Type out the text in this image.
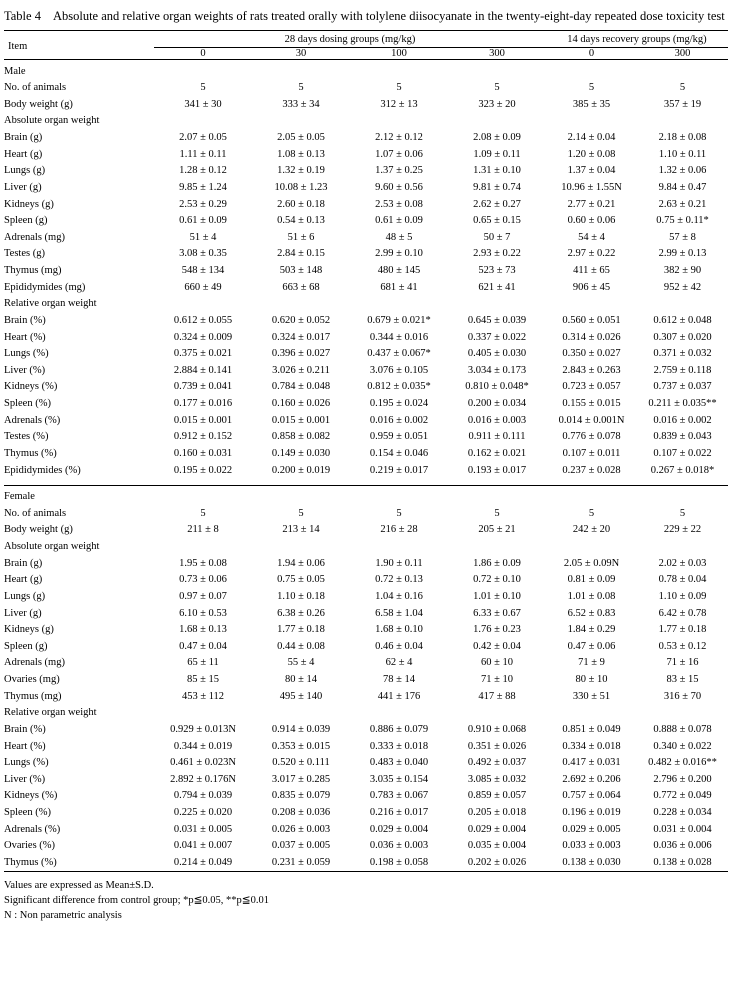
Table 4 Absolute and relative organ weights of rats treated orally with tolylene diisocyanate in the twenty-eight-day repeated dose toxicity test

Item	28 days dosing groups (mg/kg)				14 days recovery groups (mg/kg)	
	0	30	100	300	0	300

Male						
No. of animals	5	5	5	5	5	5
Body weight (g)	341 ± 30	333 ± 34	312 ± 13	323 ± 20	385 ± 35	357 ± 19
Absolute organ weight						
Brain (g)	2.07 ± 0.05	2.05 ± 0.05	2.12 ± 0.12	2.08 ± 0.09	2.14 ± 0.04	2.18 ± 0.08
Heart (g)	1.11 ± 0.11	1.08 ± 0.13	1.07 ± 0.06	1.09 ± 0.11	1.20 ± 0.08	1.10 ± 0.11
Lungs (g)	1.28 ± 0.12	1.32 ± 0.19	1.37 ± 0.25	1.31 ± 0.10	1.37 ± 0.04	1.32 ± 0.06
Liver (g)	9.85 ± 1.24	10.08 ± 1.23	9.60 ± 0.56	9.81 ± 0.74	10.96 ± 1.55N	9.84 ± 0.47
Kidneys (g)	2.53 ± 0.29	2.60 ± 0.18	2.53 ± 0.08	2.62 ± 0.27	2.77 ± 0.21	2.63 ± 0.21
Spleen (g)	0.61 ± 0.09	0.54 ± 0.13	0.61 ± 0.09	0.65 ± 0.15	0.60 ± 0.06	0.75 ± 0.11*
Adrenals (mg)	51 ± 4	51 ± 6	48 ± 5	50 ± 7	54 ± 4	57 ± 8
Testes (g)	3.08 ± 0.35	2.84 ± 0.15	2.99 ± 0.10	2.93 ± 0.22	2.97 ± 0.22	2.99 ± 0.13
Thymus (mg)	548 ± 134	503 ± 148	480 ± 145	523 ± 73	411 ± 65	382 ± 90
Epididymides (mg)	660 ± 49	663 ± 68	681 ± 41	621 ± 41	906 ± 45	952 ± 42
Relative organ weight						
Brain (%)	0.612 ± 0.055	0.620 ± 0.052	0.679 ± 0.021*	0.645 ± 0.039	0.560 ± 0.051	0.612 ± 0.048
Heart (%)	0.324 ± 0.009	0.324 ± 0.017	0.344 ± 0.016	0.337 ± 0.022	0.314 ± 0.026	0.307 ± 0.020
Lungs (%)	0.375 ± 0.021	0.396 ± 0.027	0.437 ± 0.067*	0.405 ± 0.030	0.350 ± 0.027	0.371 ± 0.032
Liver (%)	2.884 ± 0.141	3.026 ± 0.211	3.076 ± 0.105	3.034 ± 0.173	2.843 ± 0.263	2.759 ± 0.118
Kidneys (%)	0.739 ± 0.041	0.784 ± 0.048	0.812 ± 0.035*	0.810 ± 0.048*	0.723 ± 0.057	0.737 ± 0.037
Spleen (%)	0.177 ± 0.016	0.160 ± 0.026	0.195 ± 0.024	0.200 ± 0.034	0.155 ± 0.015	0.211 ± 0.035**
Adrenals (%)	0.015 ± 0.001	0.015 ± 0.001	0.016 ± 0.002	0.016 ± 0.003	0.014 ± 0.001N	0.016 ± 0.002
Testes (%)	0.912 ± 0.152	0.858 ± 0.082	0.959 ± 0.051	0.911 ± 0.111	0.776 ± 0.078	0.839 ± 0.043
Thymus (%)	0.160 ± 0.031	0.149 ± 0.030	0.154 ± 0.046	0.162 ± 0.021	0.107 ± 0.011	0.107 ± 0.022
Epididymides (%)	0.195 ± 0.022	0.200 ± 0.019	0.219 ± 0.017	0.193 ± 0.017	0.237 ± 0.028	0.267 ± 0.018*

Female						
No. of animals	5	5	5	5	5	5
Body weight (g)	211 ± 8	213 ± 14	216 ± 28	205 ± 21	242 ± 20	229 ± 22
Absolute organ weight						
Brain (g)	1.95 ± 0.08	1.94 ± 0.06	1.90 ± 0.11	1.86 ± 0.09	2.05 ± 0.09N	2.02 ± 0.03
Heart (g)	0.73 ± 0.06	0.75 ± 0.05	0.72 ± 0.13	0.72 ± 0.10	0.81 ± 0.09	0.78 ± 0.04
Lungs (g)	0.97 ± 0.07	1.10 ± 0.18	1.04 ± 0.16	1.01 ± 0.10	1.01 ± 0.08	1.10 ± 0.09
Liver (g)	6.10 ± 0.53	6.38 ± 0.26	6.58 ± 1.04	6.33 ± 0.67	6.52 ± 0.83	6.42 ± 0.78
Kidneys (g)	1.68 ± 0.13	1.77 ± 0.18	1.68 ± 0.10	1.76 ± 0.23	1.84 ± 0.29	1.77 ± 0.18
Spleen (g)	0.47 ± 0.04	0.44 ± 0.08	0.46 ± 0.04	0.42 ± 0.04	0.47 ± 0.06	0.53 ± 0.12
Adrenals (mg)	65 ± 11	55 ± 4	62 ± 4	60 ± 10	71 ± 9	71 ± 16
Ovaries (mg)	85 ± 15	80 ± 14	78 ± 14	71 ± 10	80 ± 10	83 ± 15
Thymus (mg)	453 ± 112	495 ± 140	441 ± 176	417 ± 88	330 ± 51	316 ± 70
Relative organ weight						
Brain (%)	0.929 ± 0.013N	0.914 ± 0.039	0.886 ± 0.079	0.910 ± 0.068	0.851 ± 0.049	0.888 ± 0.078
Heart (%)	0.344 ± 0.019	0.353 ± 0.015	0.333 ± 0.018	0.351 ± 0.026	0.334 ± 0.018	0.340 ± 0.022
Lungs (%)	0.461 ± 0.023N	0.520 ± 0.111	0.483 ± 0.040	0.492 ± 0.037	0.417 ± 0.031	0.482 ± 0.016**
Liver (%)	2.892 ± 0.176N	3.017 ± 0.285	3.035 ± 0.154	3.085 ± 0.032	2.692 ± 0.206	2.796 ± 0.200
Kidneys (%)	0.794 ± 0.039	0.835 ± 0.079	0.783 ± 0.067	0.859 ± 0.057	0.757 ± 0.064	0.772 ± 0.049
Spleen (%)	0.225 ± 0.020	0.208 ± 0.036	0.216 ± 0.017	0.205 ± 0.018	0.196 ± 0.019	0.228 ± 0.034
Adrenals (%)	0.031 ± 0.005	0.026 ± 0.003	0.029 ± 0.004	0.029 ± 0.004	0.029 ± 0.005	0.031 ± 0.004
Ovaries (%)	0.041 ± 0.007	0.037 ± 0.005	0.036 ± 0.003	0.035 ± 0.004	0.033 ± 0.003	0.036 ± 0.006
Thymus (%)	0.214 ± 0.049	0.231 ± 0.059	0.198 ± 0.058	0.202 ± 0.026	0.138 ± 0.030	0.138 ± 0.028

Values are expressed as Mean±S.D.
Significant difference from control group; *p≦0.05, **p≦0.01
N : Non parametric analysis
